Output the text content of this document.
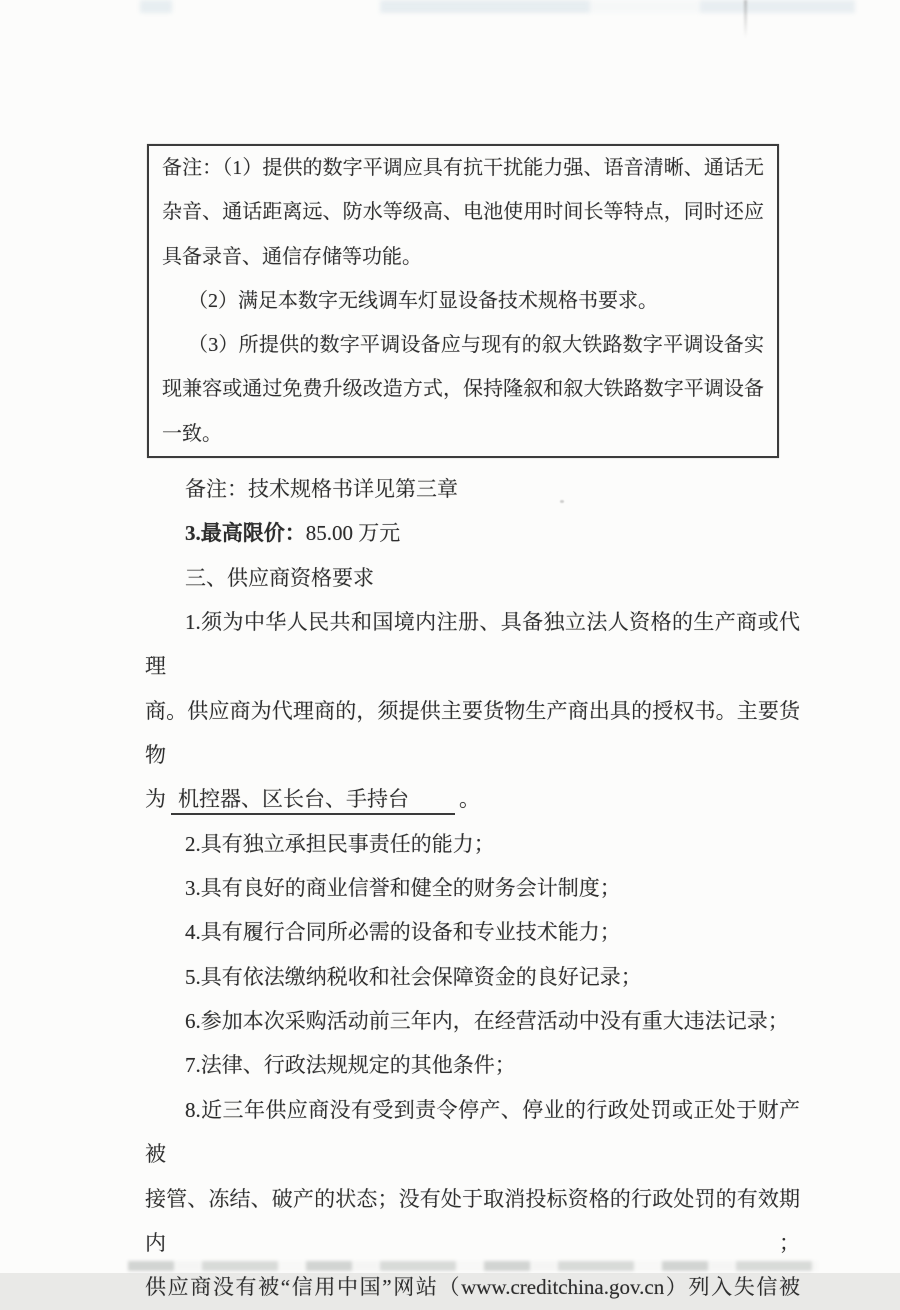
备注：（1）提供的数字平调应具有抗干扰能力强、语音清晰、通话无
杂音、通话距离远、防水等级高、电池使用时间长等特点，同时还应
具备录音、通信存储等功能。
（2）满足本数字无线调车灯显设备技术规格书要求。
（3）所提供的数字平调设备应与现有的叙大铁路数字平调设备实
现兼容或通过免费升级改造方式，保持隆叙和叙大铁路数字平调设备
一致。
备注：技术规格书详见第三章
3.最高限价：85.00 万元
三、供应商资格要求
1.须为中华人民共和国境内注册、具备独立法人资格的生产商或代理
商。供应商为代理商的，须提供主要货物生产商出具的授权书。主要货物
为 机控器、区长台、手持台 。
2.具有独立承担民事责任的能力；
3.具有良好的商业信誉和健全的财务会计制度；
4.具有履行合同所必需的设备和专业技术能力；
5.具有依法缴纳税收和社会保障资金的良好记录；
6.参加本次采购活动前三年内，在经营活动中没有重大违法记录；
7.法律、行政法规规定的其他条件；
8.近三年供应商没有受到责令停产、停业的行政处罚或正处于财产被
接管、冻结、破产的状态；没有处于取消投标资格的行政处罚的有效期内；
供应商没有被“信用中国”网站（www.creditchina.gov.cn）列入失信被
